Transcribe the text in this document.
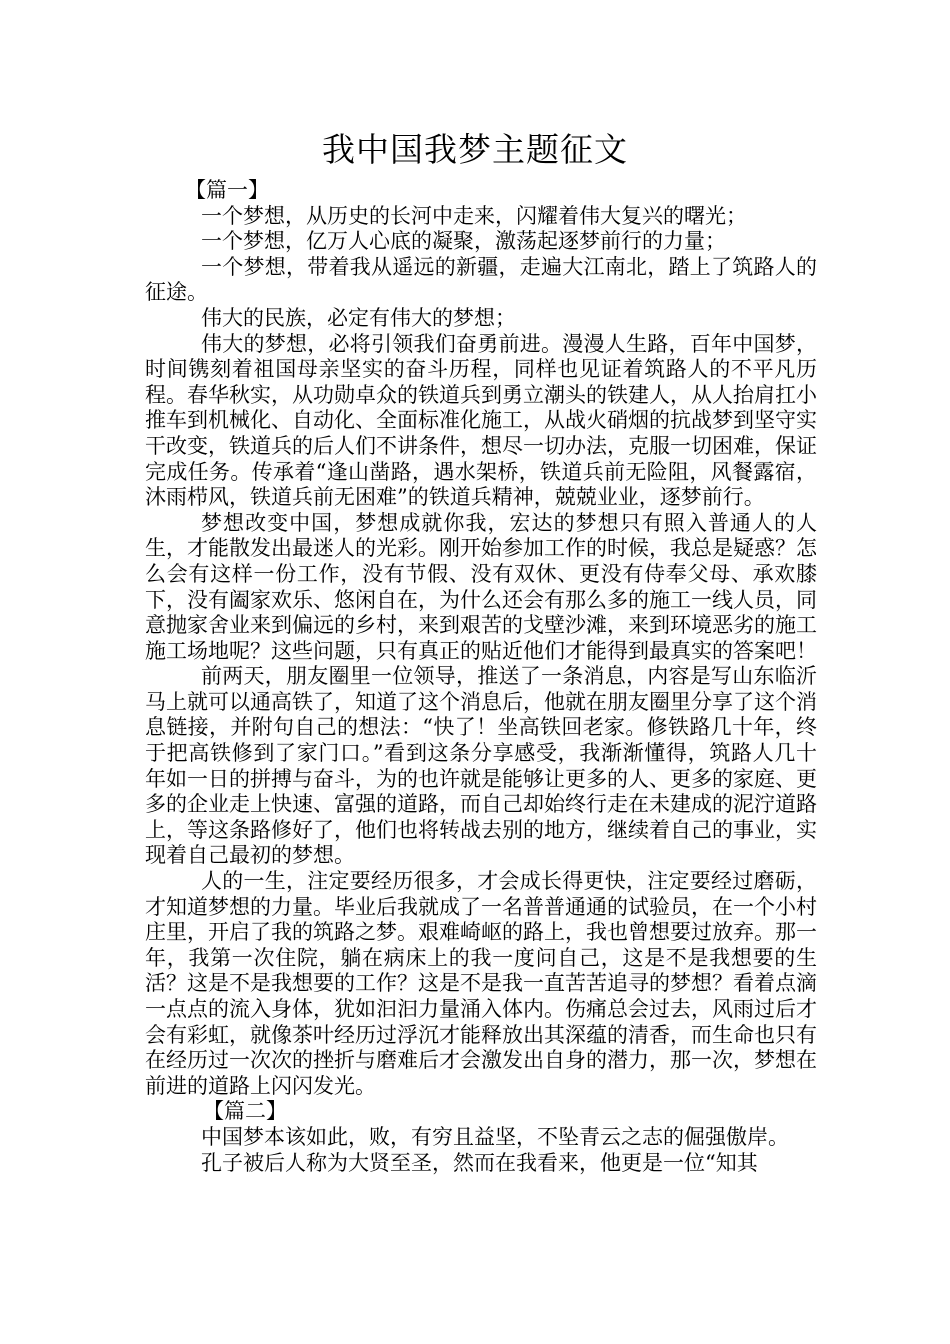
我中国我梦主题征文
【篇一】

一个梦想，从历史的长河中走来，闪耀着伟大复兴的曙光；

一个梦想，亿万人心底的凝聚，激荡起逐梦前行的力量；

一个梦想，带着我从遥远的新疆，走遍大江南北，踏上了筑路人的征途。

伟大的民族，必定有伟大的梦想；

伟大的梦想，必将引领我们奋勇前进。漫漫人生路，百年中国梦，时间镌刻着祖国母亲坚实的奋斗历程，同样也见证着筑路人的不平凡历程。春华秋实，从功勋卓众的铁道兵到勇立潮头的铁建人，从人抬肩扛小推车到机械化、自动化、全面标准化施工，从战火硝烟的抗战梦到坚守实干改变，铁道兵的后人们不讲条件，想尽一切办法，克服一切困难，保证完成任务。传承着“逢山凿路，遇水架桥，铁道兵前无险阻，风餐露宿，沐雨栉风，铁道兵前无困难”的铁道兵精神，兢兢业业，逐梦前行。

梦想改变中国，梦想成就你我，宏达的梦想只有照入普通人的人生，才能散发出最迷人的光彩。刚开始参加工作的时候，我总是疑惑？怎么会有这样一份工作，没有节假、没有双休、更没有侍奉父母、承欢膝下，没有阖家欢乐、悠闲自在，为什么还会有那么多的施工一线人员，同意抛家舍业来到偏远的乡村，来到艰苦的戈壁沙滩，来到环境恶劣的施工施工场地呢？这些问题，只有真正的贴近他们才能得到最真实的答案吧！

前两天，朋友圈里一位领导，推送了一条消息，内容是写山东临沂马上就可以通高铁了，知道了这个消息后，他就在朋友圈里分享了这个消息链接，并附句自己的想法：“快了！坐高铁回老家。修铁路几十年，终于把高铁修到了家门口。”看到这条分享感受，我渐渐懂得，筑路人几十年如一日的拼搏与奋斗，为的也许就是能够让更多的人、更多的家庭、更多的企业走上快速、富强的道路，而自己却始终行走在未建成的泥泞道路上，等这条路修好了，他们也将转战去别的地方，继续着自己的事业，实现着自己最初的梦想。

人的一生，注定要经历很多，才会成长得更快，注定要经过磨砺，才知道梦想的力量。毕业后我就成了一名普普通通的试验员，在一个小村庄里，开启了我的筑路之梦。艰难崎岖的路上，我也曾想要过放弃。那一年，我第一次住院，躺在病床上的我一度问自己，这是不是我想要的生活？这是不是我想要的工作？这是不是我一直苦苦追寻的梦想？看着点滴一点点的流入身体，犹如汩汩力量涌入体内。伤痛总会过去，风雨过后才会有彩虹，就像茶叶经历过浮沉才能释放出其深蕴的清香，而生命也只有在经历过一次次的挫折与磨难后才会激发出自身的潜力，那一次，梦想在前进的道路上闪闪发光。

【篇二】

中国梦本该如此，败，有穷且益坚，不坠青云之志的倔强傲岸。

孔子被后人称为大贤至圣，然而在我看来，他更是一位“知其
